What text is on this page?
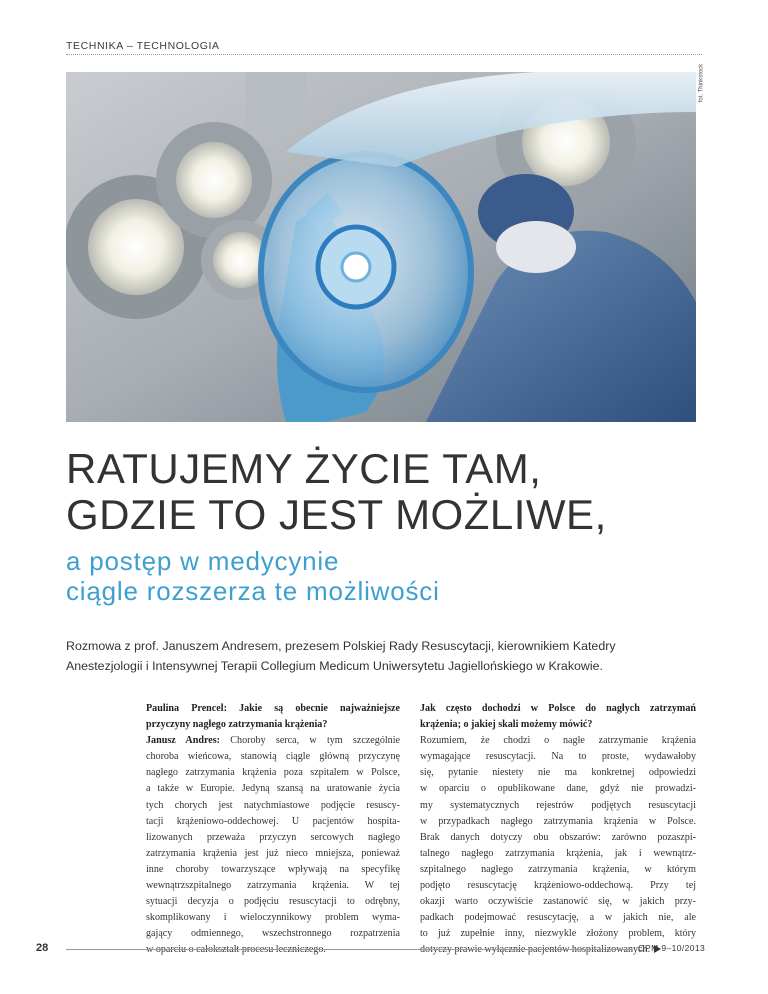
TECHNIKA – TECHNOLOGIA
fot. Thinkstock
RATUJEMY ŻYCIE TAM,
GDZIE TO JEST MOŻLIWE,
a postęp w medycynie
ciągle rozszerza te możliwości
Rozmowa z prof. Januszem Andresem, prezesem Polskiej Rady Resuscytacji, kierownikiem Katedry
Anestezjologii i Intensywnej Terapii Collegium Medicum Uniwersytetu Jagiellońskiego w Krakowie.
Paulina Prencel: Jakie są obecnie najważniejsze
przyczyny nagłego zatrzymania krążenia?
Janusz Andres: Choroby serca, w tym szczególnie
choroba wieńcowa, stanowią ciągle główną przyczynę
nagłego zatrzymania krążenia poza szpitalem w Polsce,
a także w Europie. Jedyną szansą na uratowanie życia
tych chorych jest natychmiastowe podjęcie resuscy-
tacji krążeniowo-oddechowej. U pacjentów hospita-
lizowanych przeważa przyczyn sercowych nagłego
zatrzymania krążenia jest już nieco mniejsza, ponieważ
inne choroby towarzyszące wpływają na specyfikę
wewnątrzszpitalnego zatrzymania krążenia. W tej
sytuacji decyzja o podjęciu resuscytacji to odrębny,
skomplikowany i wieloczynnikowy problem wyma-
gający odmiennego, wszechstronnego rozpatrzenia
w oparciu o całokształt procesu leczniczego.
Jak często dochodzi w Polsce do nagłych zatrzymań
krążenia; o jakiej skali możemy mówić?
Rozumiem, że chodzi o nagłe zatrzymanie krążenia
wymagające resuscytacji. Na to proste, wydawałoby
się, pytanie niestety nie ma konkretnej odpowiedzi
w oparciu o opublikowane dane, gdyż nie prowadzi-
my systematycznych rejestrów podjętych resuscytacji
w przypadkach nagłego zatrzymania krążenia w Polsce.
Brak danych dotyczy obu obszarów: zarówno pozaszpi-
talnego nagłego zatrzymania krążenia, jak i wewnątrz-
szpitalnego nagłego zatrzymania krążenia, w którym
podjęto resuscytację krążeniowo-oddechową. Przy tej
okazji warto oczywiście zastanowić się, w jakich przy-
padkach podejmować resuscytację, a w jakich nie, ale
to już zupełnie inny, niezwykle złożony problem, który
dotyczy prawie wyłącznie pacjentów hospitalizowanych.
28	OPM 9–10/2013
